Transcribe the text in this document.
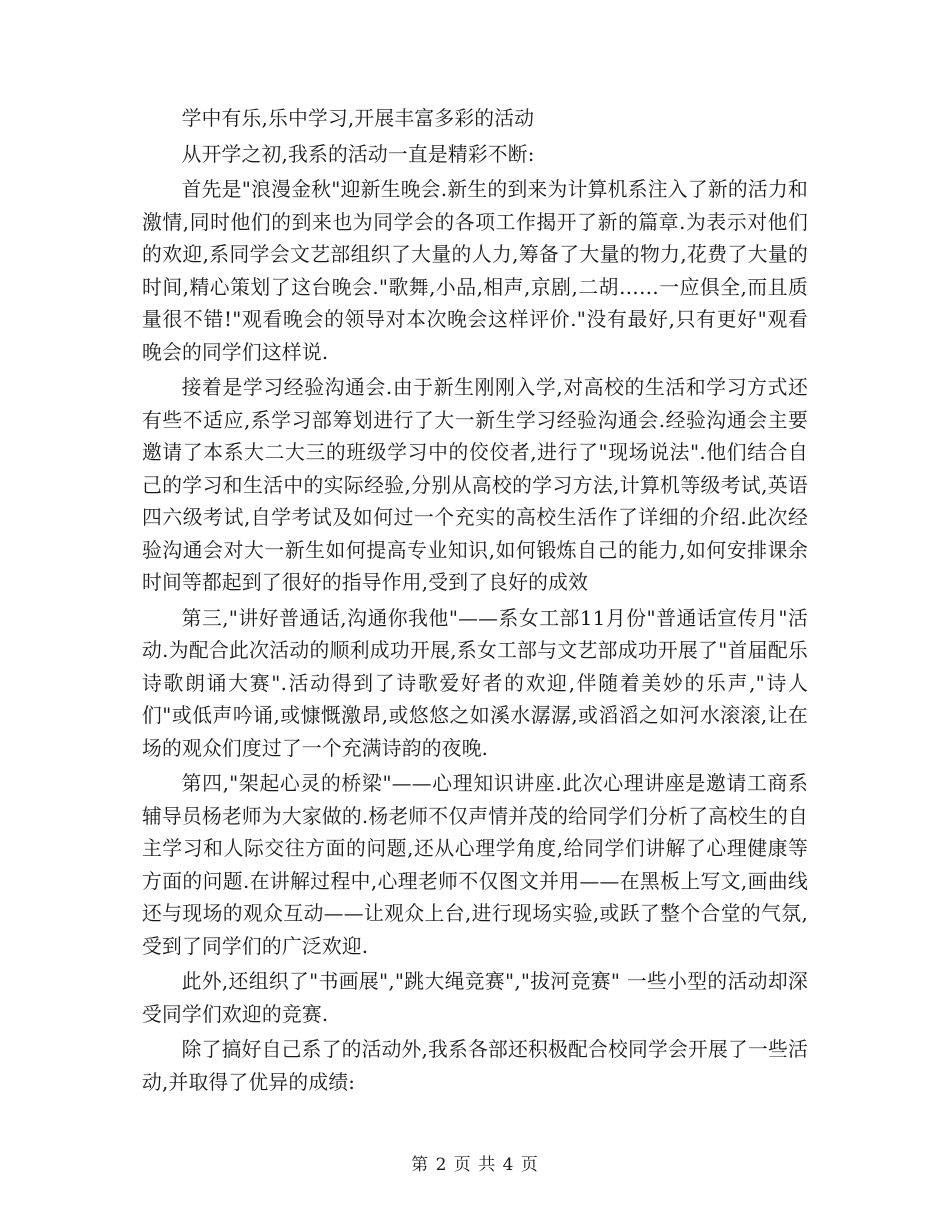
学中有乐,乐中学习,开展丰富多彩的活动

从开学之初,我系的活动一直是精彩不断:

首先是"浪漫金秋"迎新生晚会.新生的到来为计算机系注入了新的活力和激情,同时他们的到来也为同学会的各项工作揭开了新的篇章.为表示对他们的欢迎,系同学会文艺部组织了大量的人力,筹备了大量的物力,花费了大量的时间,精心策划了这台晚会."歌舞,小品,相声,京剧,二胡……一应俱全,而且质量很不错!"观看晚会的领导对本次晚会这样评价."没有最好,只有更好"观看晚会的同学们这样说.

接着是学习经验沟通会.由于新生刚刚入学,对高校的生活和学习方式还有些不适应,系学习部筹划进行了大一新生学习经验沟通会.经验沟通会主要邀请了本系大二大三的班级学习中的佼佼者,进行了"现场说法".他们结合自己的学习和生活中的实际经验,分别从高校的学习方法,计算机等级考试,英语四六级考试,自学考试及如何过一个充实的高校生活作了详细的介绍.此次经验沟通会对大一新生如何提高专业知识,如何锻炼自己的能力,如何安排课余时间等都起到了很好的指导作用,受到了良好的成效

第三,"讲好普通话,沟通你我他"——系女工部11月份"普通话宣传月"活动.为配合此次活动的顺利成功开展,系女工部与文艺部成功开展了"首届配乐诗歌朗诵大赛".活动得到了诗歌爱好者的欢迎,伴随着美妙的乐声,"诗人们"或低声吟诵,或慷慨激昂,或悠悠之如溪水潺潺,或滔滔之如河水滚滚,让在场的观众们度过了一个充满诗韵的夜晚.

第四,"架起心灵的桥梁"——心理知识讲座.此次心理讲座是邀请工商系辅导员杨老师为大家做的.杨老师不仅声情并茂的给同学们分析了高校生的自主学习和人际交往方面的问题,还从心理学角度,给同学们讲解了心理健康等方面的问题.在讲解过程中,心理老师不仅图文并用——在黑板上写文,画曲线还与现场的观众互动——让观众上台,进行现场实验,或跃了整个合堂的气氛,受到了同学们的广泛欢迎.

此外,还组织了"书画展","跳大绳竞赛","拔河竞赛" 一些小型的活动却深受同学们欢迎的竞赛.

除了搞好自己系了的活动外,我系各部还积极配合校同学会开展了一些活动,并取得了优异的成绩:

第 2 页 共 4 页
